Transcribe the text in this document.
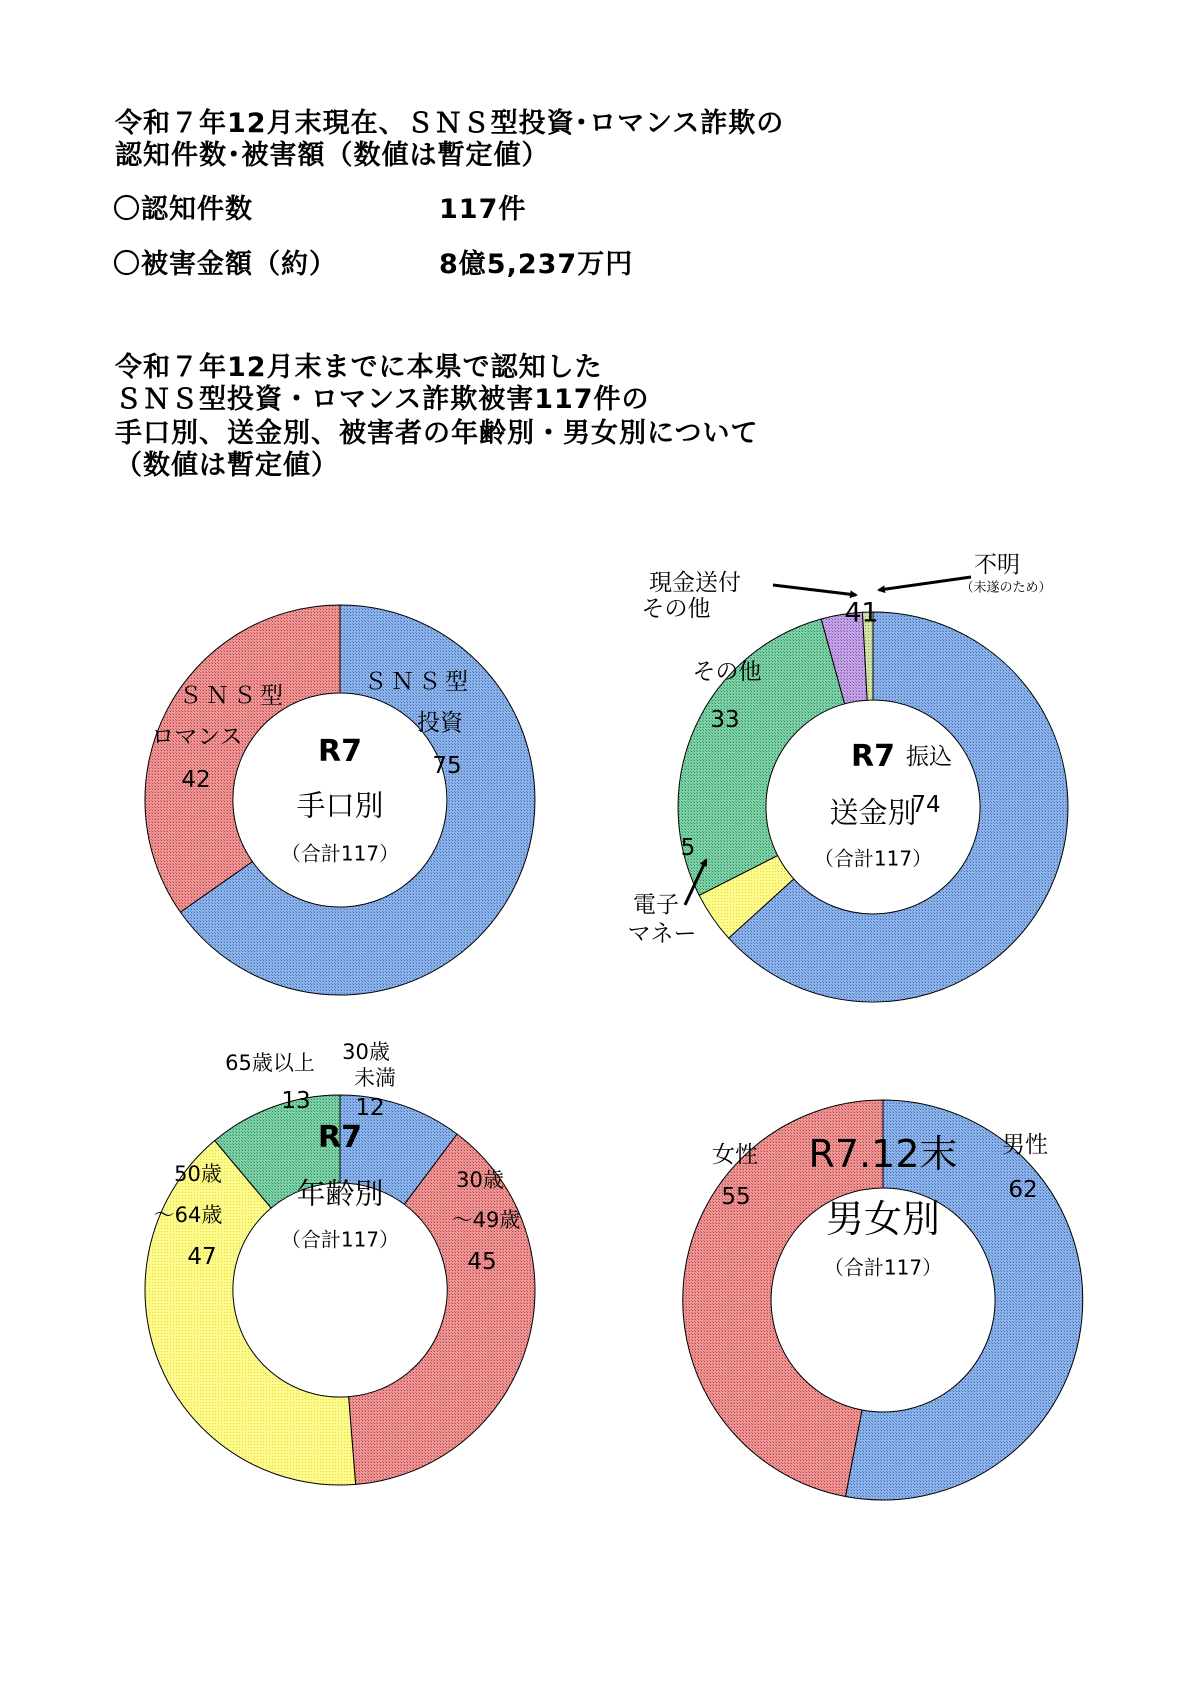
令和７年12月末現在、ＳＮＳ型投資･ロマンス詐欺の
認知件数･被害額（数値は暫定値）
〇認知件数	117件
〇被害金額（約）	8億5,237万円
令和７年12月末までに本県で認知した
ＳＮＳ型投資・ロマンス詐欺被害117件の
手口別、送金別、被害者の年齢別・男女別について
（数値は暫定値）
ＳＮＳ型
投資
75
ＳＮＳ型
ロマンス
42
R7
手口別
（合計117）
振込
74
その他
33
5
電子
マネー
4
現金送付
その他	1
不明
（未遂のため）
R7
送金別
（合計117）
30歳
未満
12
65歳以上
13
30歳
～49歳
45
50歳
～64歳
47
R7
年齢別
（合計117）
男性
62
女性
55
R7.12末
男女別
（合計117）
